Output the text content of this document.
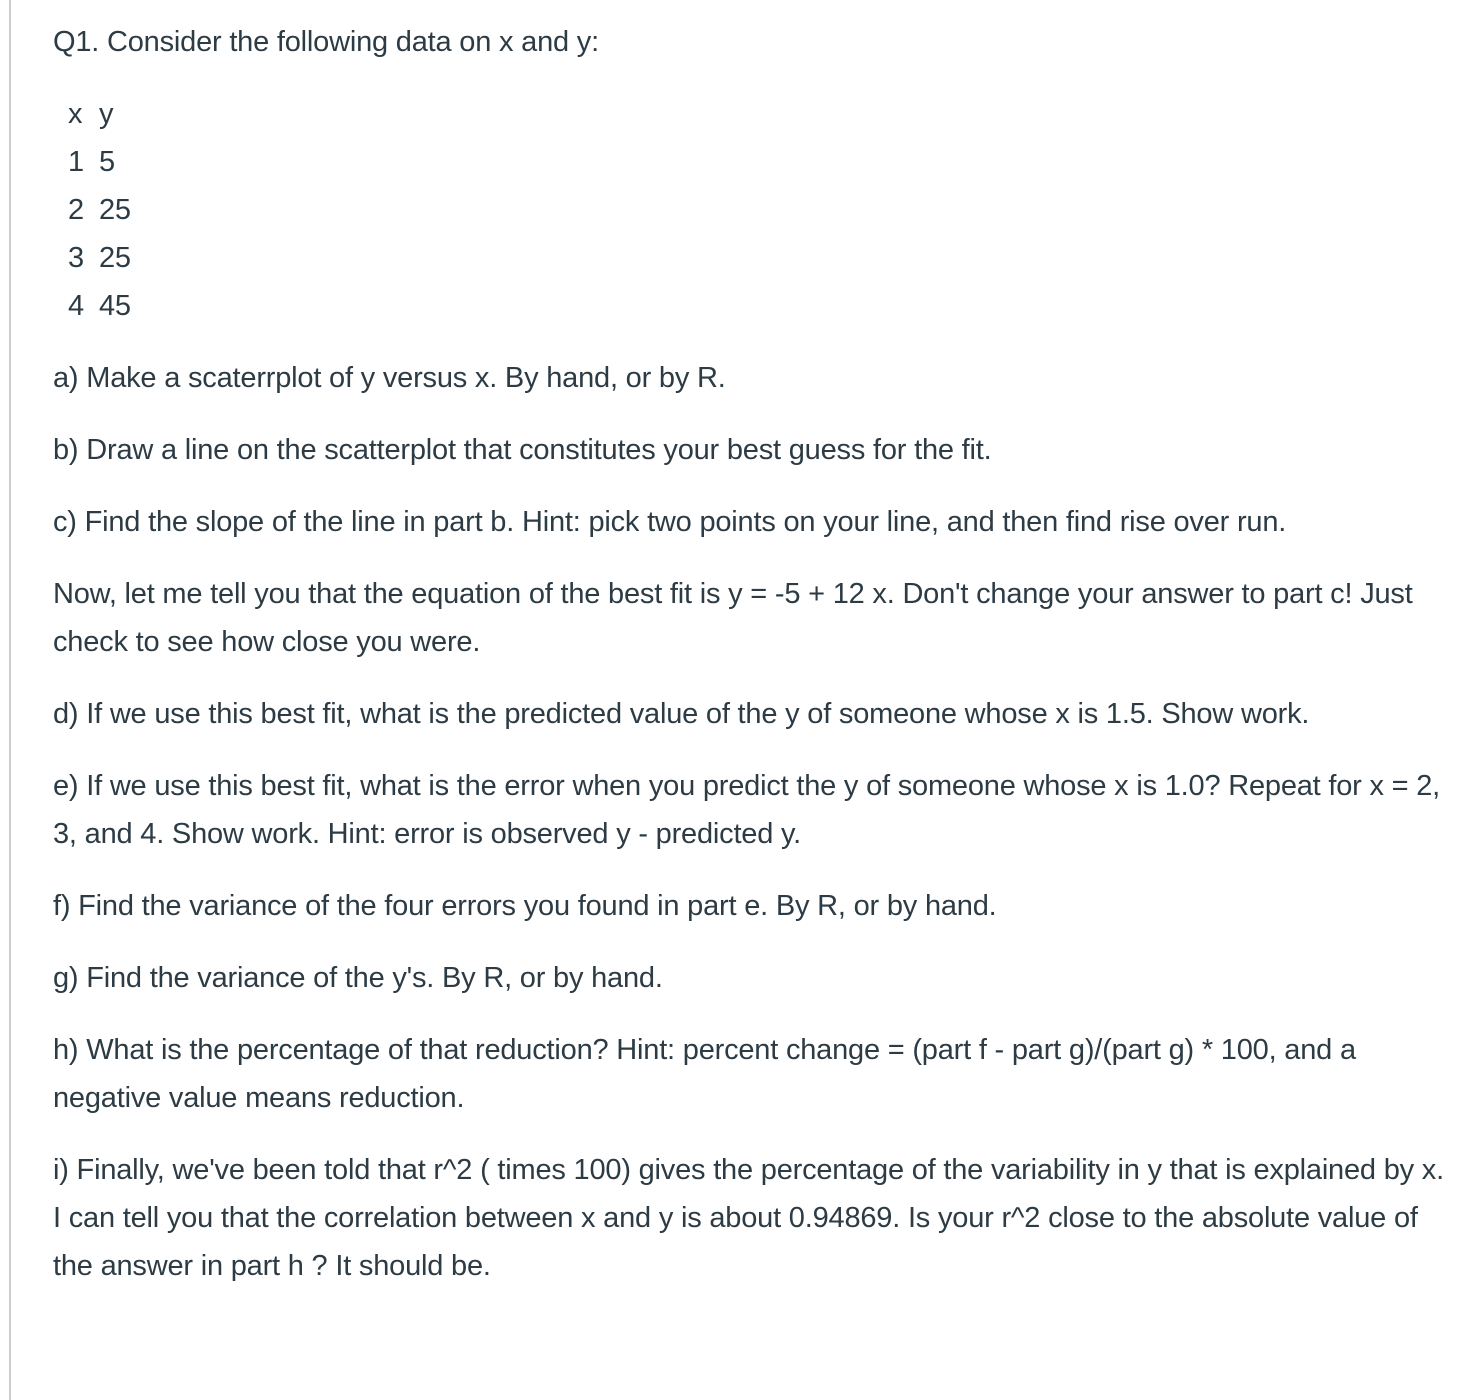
Q1. Consider the following data on x and y:

x	y
1	5
2	25
3	25
4	45

a) Make a scaterrplot of y versus x. By hand, or by R.

b) Draw a line on the scatterplot that constitutes your best guess for the fit.

c) Find the slope of the line in part b. Hint: pick two points on your line, and then find rise over run.

Now, let me tell you that the equation of the best fit is y = -5 + 12 x. Don't change your answer to part c! Just check to see how close you were.

d) If we use this best fit, what is the predicted value of the y of someone whose x is 1.5. Show work.

e) If we use this best fit, what is the error when you predict the y of someone whose x is 1.0? Repeat for x = 2, 3, and 4. Show work. Hint: error is observed y - predicted y.

f) Find the variance of the four errors you found in part e. By R, or by hand.

g) Find the variance of the y's. By R, or by hand.

h) What is the percentage of that reduction? Hint: percent change = (part f - part g)/(part g) * 100, and a negative value means reduction.

i) Finally, we've been told that r^2 ( times 100) gives the percentage of the variability in y that is explained by x. I can tell you that the correlation between x and y is about 0.94869. Is your r^2 close to the absolute value of the answer in part h ? It should be.
